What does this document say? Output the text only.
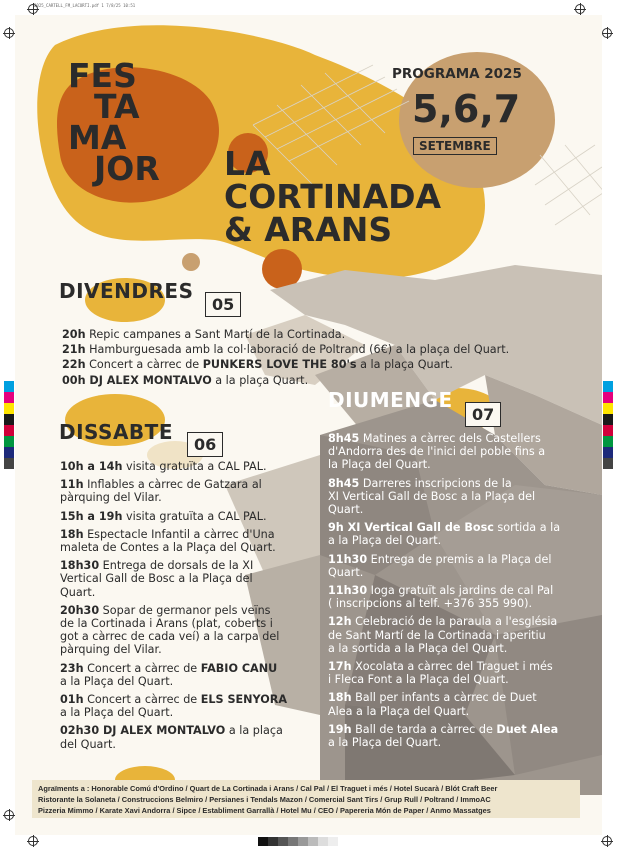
2025_CARTELL_FM_LACORTI.pdf 1 7/8/25 10:51
FES
TA
MA
JOR LA
CORTINADA
& ARANS
PROGRAMA 2025
5,6,7
SETEMBRE
DIVENDRES
05
20h Repic campanes a Sant Martí de la Cortinada.
21h Hamburguesada amb la col·laboració de Poltrand (6€) a la plaça del Quart.
22h Concert a càrrec de PUNKERS LOVE THE 80's a la plaça Quart.
00h DJ ALEX MONTALVO a la plaça Quart.
DISSABTE
06
10h a 14h visita gratuïta a CAL PAL.
11h Inflables a càrrec de Gatzara al
pàrquing del Vilar.
15h a 19h visita gratuïta a CAL PAL.
18h Espectacle Infantil a càrrec d'Una
maleta de Contes a la Plaça del Quart.
18h30 Entrega de dorsals de la XI
Vertical Gall de Bosc a la Plaça del
Quart.
20h30 Sopar de germanor pels veïns
de la Cortinada i Arans (plat, coberts i
got a càrrec de cada veí) a la carpa del
pàrquing del Vilar.
23h Concert a càrrec de FABIO CANU
a la Plaça del Quart.
01h Concert a càrrec de ELS SENYORA
a la Plaça del Quart.
02h30 DJ ALEX MONTALVO a la plaça
del Quart.
DIUMENGE
07
8h45 Matines a càrrec dels Castellers
d'Andorra des de l'inici del poble fins a
la Plaça del Quart.
8h45 Darreres inscripcions de la
XI Vertical Gall de Bosc a la Plaça del
Quart.
9h XI Vertical Gall de Bosc sortida a la
a la Plaça del Quart.
11h30 Entrega de premis a la Plaça del
Quart.
11h30 Ioga gratuït als jardins de cal Pal
( inscripcions al telf. +376 355 990).
12h Celebració de la paraula a l'església
de Sant Martí de la Cortinada i aperitiu
a la sortida a la Plaça del Quart.
17h Xocolata a càrrec del Traguet i més
i Fleca Font a la Plaça del Quart.
18h Ball per infants a càrrec de Duet
Alea a la Plaça del Quart.
19h Ball de tarda a càrrec de Duet Alea
a la Plaça del Quart.
Agraïments a : Honorable Comú d'Ordino / Quart de La Cortinada i Arans / Cal Pal / El Traguet i més / Hotel Sucarà / Blót Craft Beer
Ristorante la Solaneta / Construccions Belmiro / Persianes i Tendals Mazon / Comercial Sant Tirs / Grup Rull / Poltrand / ImmoAC
Pizzeria Mimmo / Karate Xavi Andorra / Sipce / Establiment Garrallà / Hotel Mu / CEO / Papereria Món de Paper / Anmo Massatges
